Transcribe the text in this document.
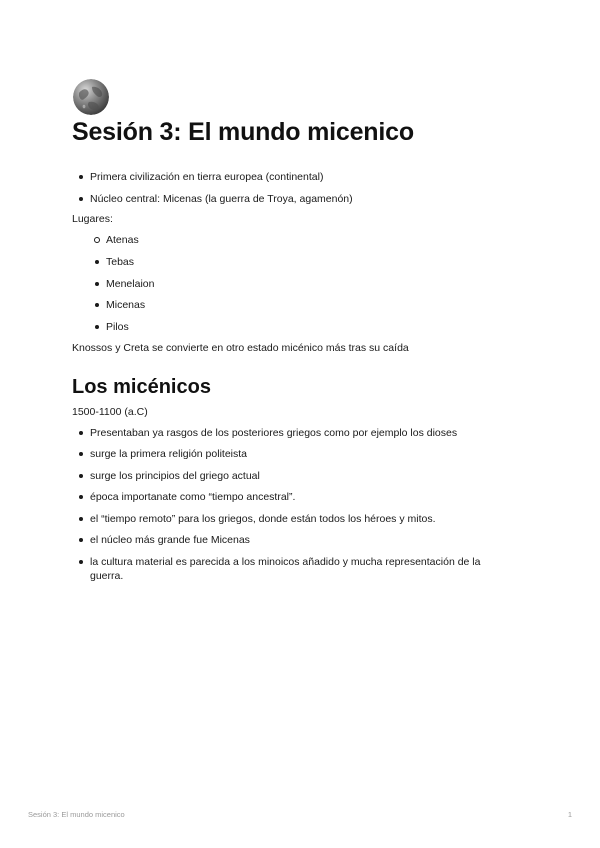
Sesión 3: El mundo micenico
Primera civilización en tierra europea (continental)
Núcleo central: Micenas (la guerra de Troya, agamenón)

Lugares:

Atenas
Tebas
Menelaion
Micenas
Pilos

Knossos y Creta se convierte en otro estado micénico más tras su caída

Los micénicos

1500-1100 (a.C)

Presentaban ya rasgos de los posteriores griegos como por ejemplo los dioses
surge la primera religión politeista
surge los principios del griego actual
época importanate como “tiempo ancestral”.
el “tiempo remoto” para los griegos, donde están todos los héroes y mitos.
el núcleo más grande fue Micenas
la cultura material es parecida a los minoicos añadido y mucha representación de la guerra.
Sesión 3: El mundo micenico	1
